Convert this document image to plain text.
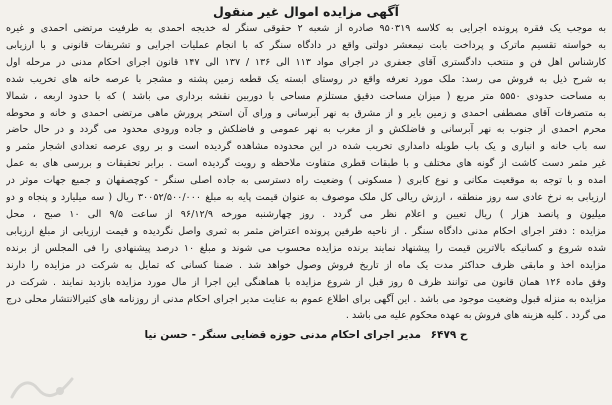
آگهی مزایده اموال غیر منقول
به موجب یک فقره پرونده اجرایی به کلاسه ۹۵۰۳۱۹ صادره از شعبه ۲ حقوقی سنگر له خدیجه احمدی به طرفیت مرتضی احمدی و غیره
به خواسته تقسیم ماترک و پرداخت بابت نیمعشر دولتی واقع در دادگاه سنگر که با انجام عملیات اجرایی و تشریفات قانونی و با ارزیابی
کارشناس اهل فن و منتخب دادگستری آقای جعفری در اجرای مواد ۱۱۳ الی ۱۳۶ / ۱۳۷ الی ۱۴۷ قانون اجرای احکام مدنی در مرحله اول
به شرح ذیل به فروش می رسد: ملک مورد تعرفه واقع در روستای ابسته یک قطعه زمین پشته و مشجر با عرصه خانه های تخریب شده
به مساحت حدودی ۵۵۵۰ متر مربع ( میزان مساحت دقیق مستلزم مساحی با دوربین نقشه برداری می باشد ) که با حدود اربعه ، شمالا
به متصرفات آقای مصطفی احمدی و زمین بایر و از مشرق به نهر آبرسانی و ورای آن استخر پرورش ماهی مرتضی احمدی و خانه و محوطه
محرم احمدی از جنوب به نهر آبرسانی و فاضلکش و از مغرب به نهر عمومی و فاضلکش و جاده ورودی محدود می گردد و در حال حاضر
سه باب خانه و انباری و یک باب طویله دامداری تخریب شده در این محدوده مشاهده گردیده است و بر روی عرصه تعدادی اشجار مثمر و
غیر مثمر دست کاشت از گونه های مختلف و با طبقات قطری متفاوت ملاحظه و رویت گردیده است . برابر تحقیقات و بررسی های به عمل
امده و با توجه به موقعیت مکانی و نوع کابری ( مسکونی ) وضعیت راه دسترسی به جاده اصلی سنگر - کوچصفهان و جمیع جهات موثر در
ارزیابی به نرخ عادی سه روز منطقه ، ارزش ریالی کل ملک موصوف به عنوان قیمت پایه به مبلغ ۳۰۰۵۲/۵۰۰/۰۰۰ ریال ( سه میلیارد و پنجاه و دو
میلیون و پانصد هزار ) ریال تعیین و اعلام نظر می گردد . روز چهارشنبه مورخه ۹۶/۱۲/۹ از ساعت ۹/۵ الی ۱۰ صبح ، محل
مزایده : دفتر اجرای احکام مدنی دادگاه سنگر . از ناحیه طرفین پرونده اعتراض مثمر به ثمری واصل نگردیده و قیمت ارزیابی از مبلغ ارزیابی
شده شروع و کسانیکه بالاترین قیمت را پیشنهاد نمایند برنده مزایده محسوب می شوند و مبلغ ۱۰ درصد پیشنهادی را فی المجلس از برنده
مزایده اخذ و مابقی ظرف حداکثر مدت یک ماه از تاریخ فروش وصول خواهد شد . ضمنا کسانی که تمایل به شرکت در مزایده را دارند
وفق ماده ۱۲۶ همان قانون می توانند ظرف ۵ روز قبل از شروع مزایده با هماهنگی این اجرا از مال مورد مزایده بازدید نمایند . شرکت در
مزایده به منزله قبول وضعیت موجود می باشد . این آگهی برای اطلاع عموم به عنایت مدیر اجرای احکام مدنی از روزنامه های کثیرالانتشار محلی درج
می گردد . کلیه هزینه های فروش به عهده محکوم علیه می باشد .
ح ۶۴۷۹ مدیر اجرای احکام مدنی حوزه قضایی سنگر - حسن نیا
